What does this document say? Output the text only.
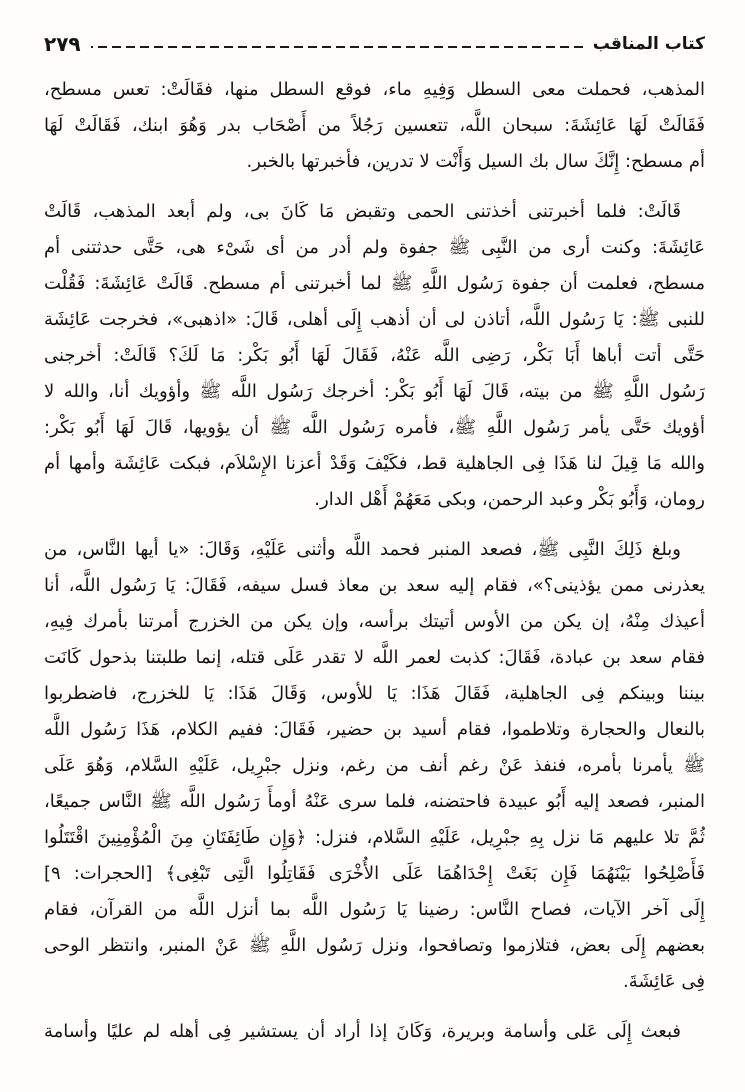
كتاب المناقب
٢٧٩
المذهب، فحملت معى السطل وَفِيهِ ماء، فوقع السطل منها، فقَالَتْ: تعس مسطح،
فَقَالَتْ لَهَا عَائِشَةَ: سبحان اللَّه، تتعسين رَجُلاً من أَصْحَاب بدر وَهُوَ ابنك، فَقَالَتْ لَهَا
أم مسطح: إِنَّكَ سال بك السيل وَأَنْت لا تدرين، فأخبرتها بالخبر.
قَالَتْ: فلما أخبرتنى أخذتنى الحمى وتقبض مَا كَانَ بى، ولم أبعد المذهب، قَالَتْ
عَائِشَةَ: وكنت أرى من النَّبِى ﷺ جفوة ولم أدر من أى شَىْء هى، حَتَّى حدثتنى أم
مسطح، فعلمت أن جفوة رَسُول اللَّهِ ﷺ لما أخبرتنى أم مسطح. قَالَتْ عَائِشَةَ: فَقُلْت
للنبى ﷺ: يَا رَسُول اللَّه، أتاذن لى أن أذهب إِلَى أهلى، قَالَ: «اذهبى»، فخرجت عَائِشَة
حَتَّى أتت أباها أَبَا بَكْر، رَضِى اللَّه عَنْهُ، فَقَالَ لَهَا أَبُو بَكْر: مَا لَكَ؟ قَالَتْ: أخرجنى
رَسُول اللَّهِ ﷺ من بيته، قَالَ لَهَا أَبُو بَكْر: أخرجك رَسُول اللَّه ﷺ وأؤويك أنا، والله لا
أؤويك حَتَّى يأمر رَسُول اللَّهِ ﷺ، فأمره رَسُول اللَّه ﷺ أن يؤويها، قَالَ لَهَا أَبُو بَكْر:
والله مَا قِيلَ لنا هَذَا فِى الجاهلية قط، فكَيْفَ وَقَدْ أعزنا الإِسْلاَم، فبكت عَائِشَة وأمها أم
رومان، وَأَبُو بَكْر وعبد الرحمن، وبكى مَعَهُمْ أَهْل الدار.
وبلغ ذَلِكَ النَّبِى ﷺ، فصعد المنبر فحمد اللَّه وأثنى عَلَيْهِ، وَقَالَ: «يا أيها النَّاس، من
يعذرنى ممن يؤذينى؟»، فقام إليه سعد بن معاذ فسل سيفه، فَقَالَ: يَا رَسُول اللَّه، أنا
أعيذك مِنْهُ، إن يكن من الأوس أتيتك برأسه، وإن يكن من الخزرج أمرتنا بأمرك فِيهِ،
فقام سعد بن عبادة، فَقَالَ: كذبت لعمر اللَّه لا تقدر عَلَى قتله، إنما طلبتنا بذحول كَانَت
بيننا وبينكم فِى الجاهلية، فَقَالَ هَذَا: يَا للأوس، وَقَالَ هَذَا: يَا للخزرج، فاضطربوا
بالنعال والحجارة وتلاطموا، فقام أسيد بن حضير، فَقَالَ: ففيم الكلام، هَذَا رَسُول اللَّه
ﷺ يأمرنا بأمره، فنفذ عَنْ رغم أنف من رغم، ونزل جبْرِيل، عَلَيْهِ السَّلام، وَهُوَ عَلَى
المنبر، فصعد إليه أَبُو عبيدة فاحتضنه، فلما سرى عَنْهُ أومأَ رَسُول اللَّه ﷺ النَّاس جميعًا،
ثُمَّ تلا عليهم مَا نزل بِهِ جبْرِيل، عَلَيْهِ السَّلام، فنزل: ﴿وَإِن طَائِفَتَانِ مِنَ الْمُؤْمِنِينَ اقْتَتَلُوا
فَأَصْلِحُوا بَيْنَهُمَا فَإِن بَغَتْ إِحْدَاهُمَا عَلَى الأُخْرَى فَقَاتِلُوا الَّتِى تَبْغِى﴾ [الحجرات: ٩]
إِلَى آخر الآيات، فصاح النَّاس: رضينا يَا رَسُول اللَّه بما أنزل اللَّه من القرآن، فقام
بعضهم إِلَى بعض، فتلازموا وتصافحوا، ونزل رَسُول اللَّهِ ﷺ عَنْ المنبر، وانتظر الوحى
فِى عَائِشَةَ.
فبعث إِلَى عَلى وأسامة وبريرة، وَكَانَ إذا أراد أن يستشير فِى أهله لم عليًا وأسامة
